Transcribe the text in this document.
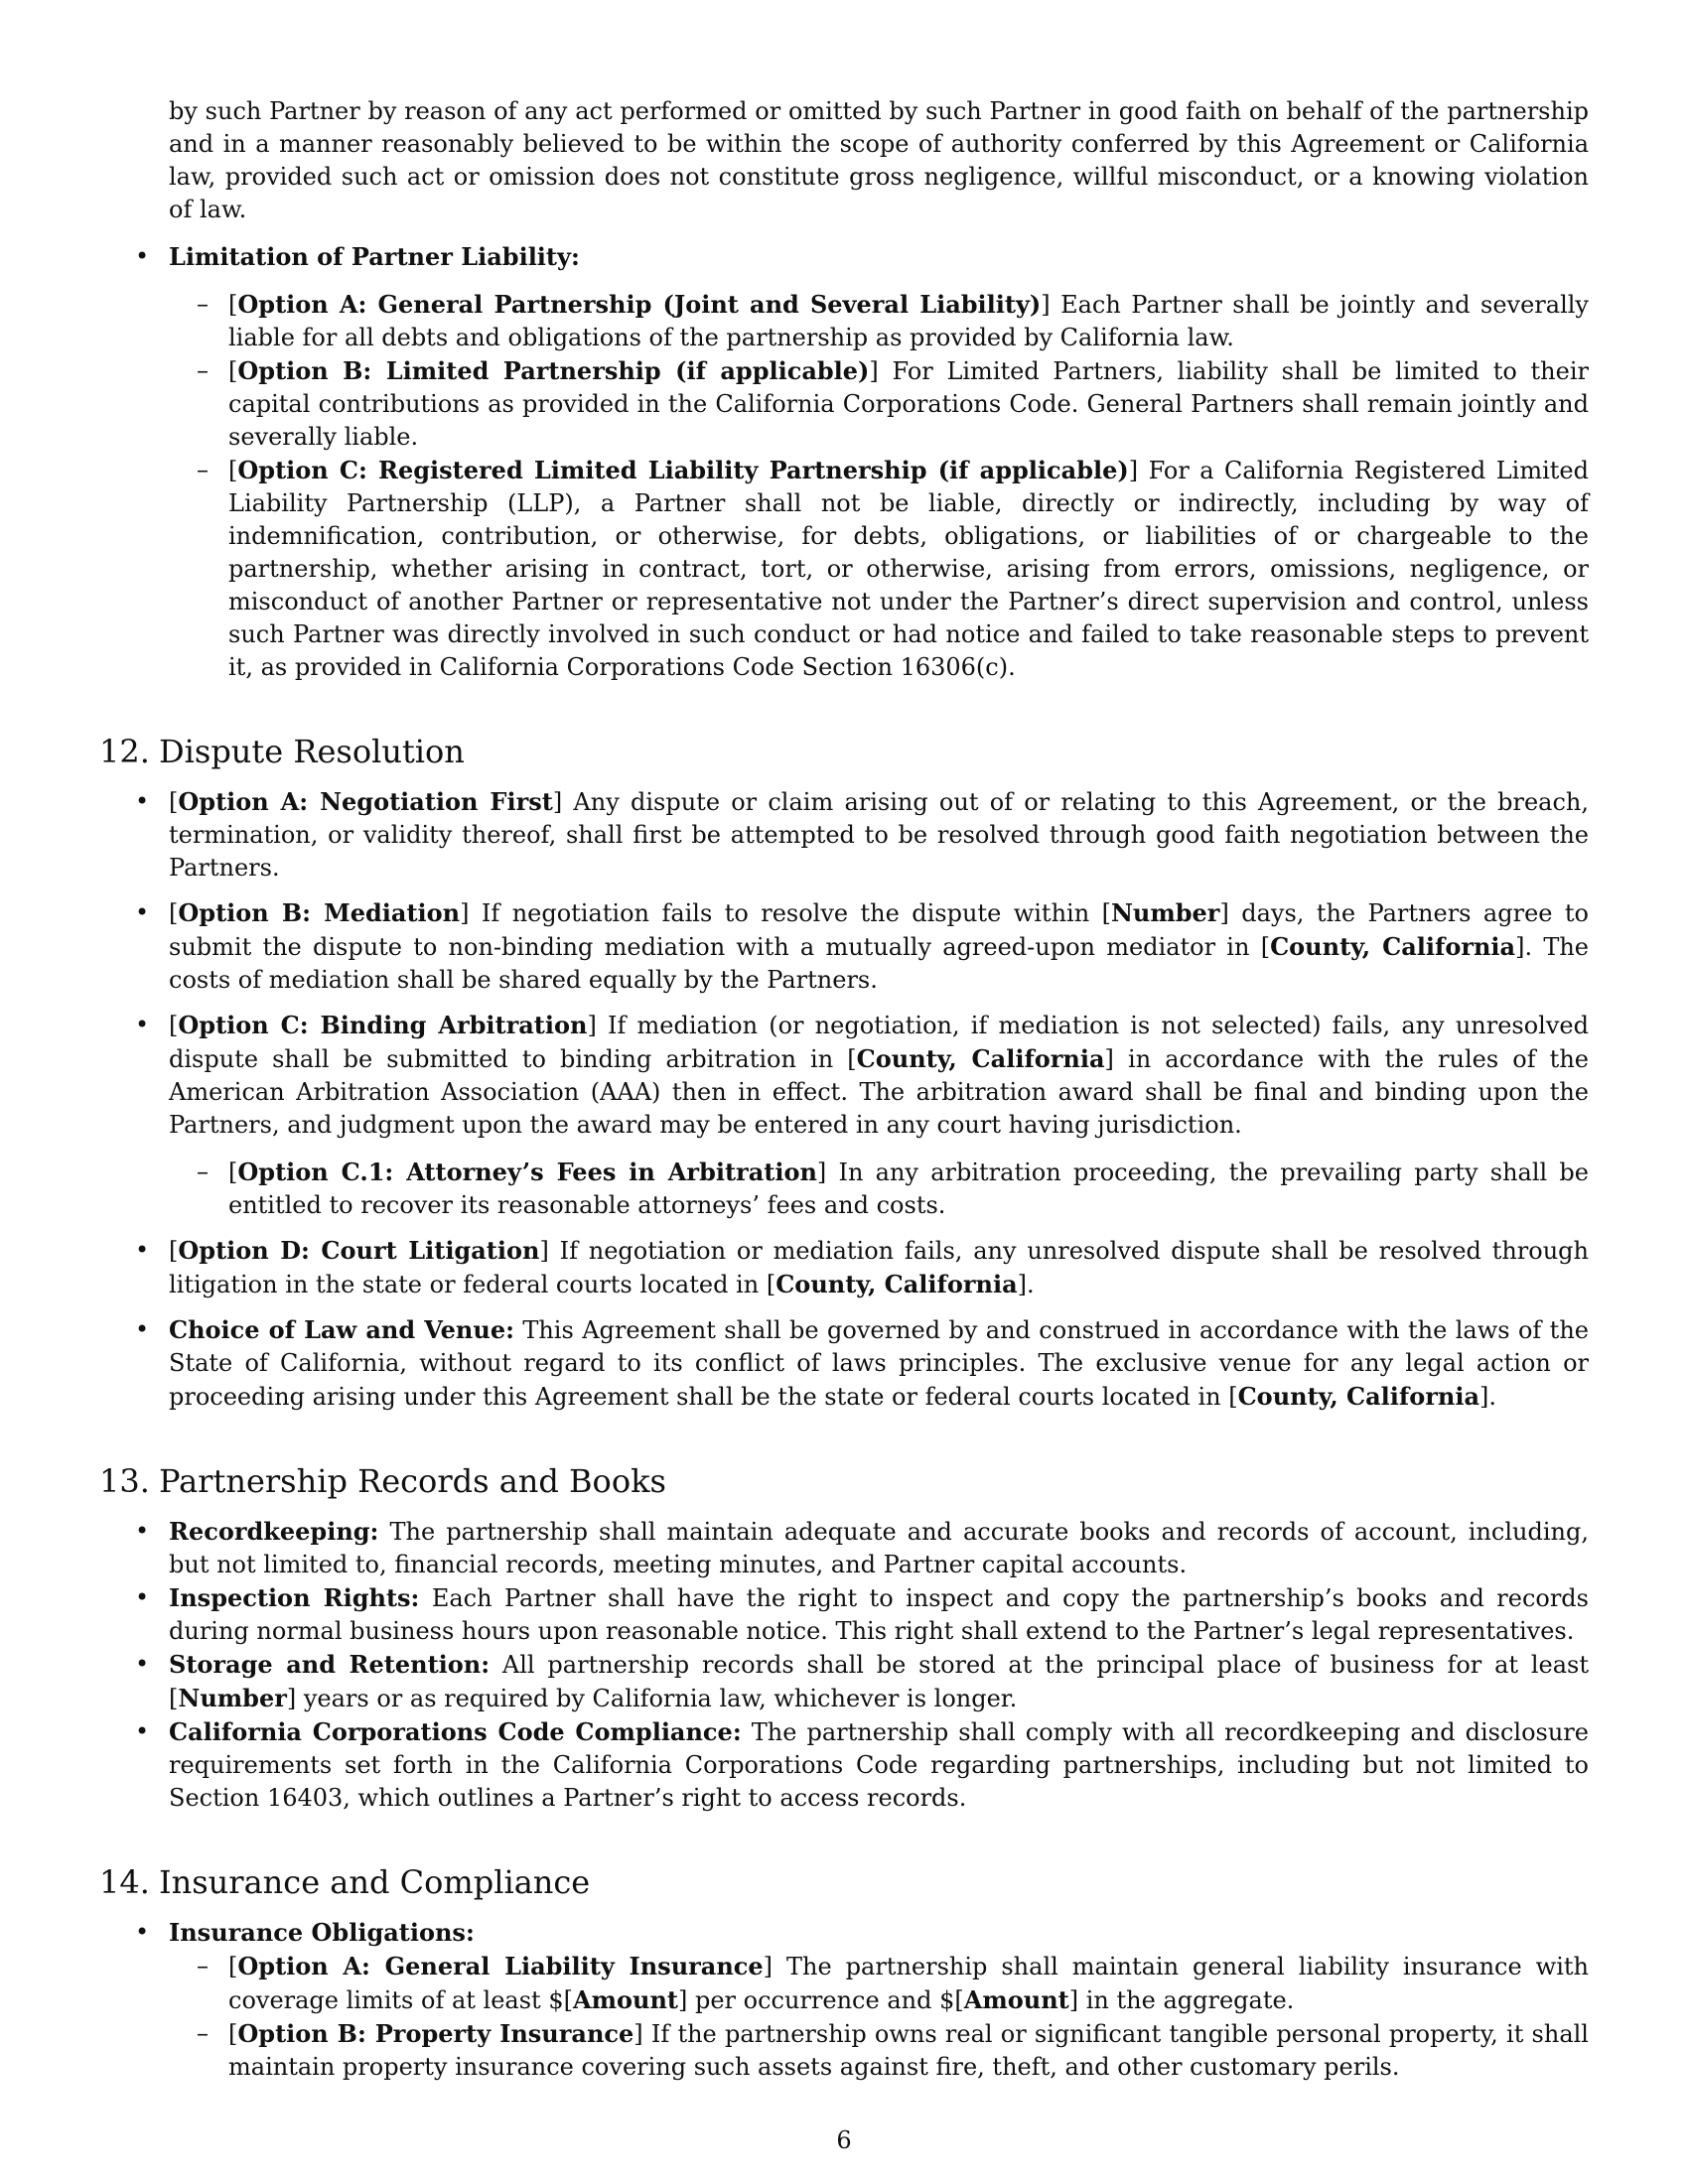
by such Partner by reason of any act performed or omitted by such Partner in good faith on behalf of the partnership and in a manner reasonably believed to be within the scope of authority conferred by this Agreement or California law, provided such act or omission does not constitute gross negligence, willful misconduct, or a knowing violation of law.

• Limitation of Partner Liability:
– [Option A: General Partnership (Joint and Several Liability)] Each Partner shall be jointly and severally liable for all debts and obligations of the partnership as provided by California law.
– [Option B: Limited Partnership (if applicable)] For Limited Partners, liability shall be limited to their capital contributions as provided in the California Corporations Code. General Partners shall remain jointly and severally liable.
– [Option C: Registered Limited Liability Partnership (if applicable)] For a California Registered Limited Liability Partnership (LLP), a Partner shall not be liable, directly or indirectly, including by way of indemnification, contribution, or otherwise, for debts, obligations, or liabilities of or chargeable to the partnership, whether arising in contract, tort, or otherwise, arising from errors, omissions, negligence, or misconduct of another Partner or representative not under the Partner’s direct supervision and control, unless such Partner was directly involved in such conduct or had notice and failed to take reasonable steps to prevent it, as provided in California Corporations Code Section 16306(c).
12. Dispute Resolution
• [Option A: Negotiation First] Any dispute or claim arising out of or relating to this Agreement, or the breach, termination, or validity thereof, shall first be attempted to be resolved through good faith negotiation between the Partners.
• [Option B: Mediation] If negotiation fails to resolve the dispute within [Number] days, the Partners agree to submit the dispute to non-binding mediation with a mutually agreed-upon mediator in [County, California]. The costs of mediation shall be shared equally by the Partners.
• [Option C: Binding Arbitration] If mediation (or negotiation, if mediation is not selected) fails, any unresolved dispute shall be submitted to binding arbitration in [County, California] in accordance with the rules of the American Arbitration Association (AAA) then in effect. The arbitration award shall be final and binding upon the Partners, and judgment upon the award may be entered in any court having jurisdiction.
– [Option C.1: Attorney’s Fees in Arbitration] In any arbitration proceeding, the prevailing party shall be entitled to recover its reasonable attorneys’ fees and costs.
• [Option D: Court Litigation] If negotiation or mediation fails, any unresolved dispute shall be resolved through litigation in the state or federal courts located in [County, California].
• Choice of Law and Venue: This Agreement shall be governed by and construed in accordance with the laws of the State of California, without regard to its conflict of laws principles. The exclusive venue for any legal action or proceeding arising under this Agreement shall be the state or federal courts located in [County, California].
13. Partnership Records and Books
• Recordkeeping: The partnership shall maintain adequate and accurate books and records of account, including, but not limited to, financial records, meeting minutes, and Partner capital accounts.
• Inspection Rights: Each Partner shall have the right to inspect and copy the partnership’s books and records during normal business hours upon reasonable notice. This right shall extend to the Partner’s legal representatives.
• Storage and Retention: All partnership records shall be stored at the principal place of business for at least [Number] years or as required by California law, whichever is longer.
• California Corporations Code Compliance: The partnership shall comply with all recordkeeping and disclosure requirements set forth in the California Corporations Code regarding partnerships, including but not limited to Section 16403, which outlines a Partner’s right to access records.
14. Insurance and Compliance
• Insurance Obligations:
– [Option A: General Liability Insurance] The partnership shall maintain general liability insurance with coverage limits of at least $[Amount] per occurrence and $[Amount] in the aggregate.
– [Option B: Property Insurance] If the partnership owns real or significant tangible personal property, it shall maintain property insurance covering such assets against fire, theft, and other customary perils.
6
